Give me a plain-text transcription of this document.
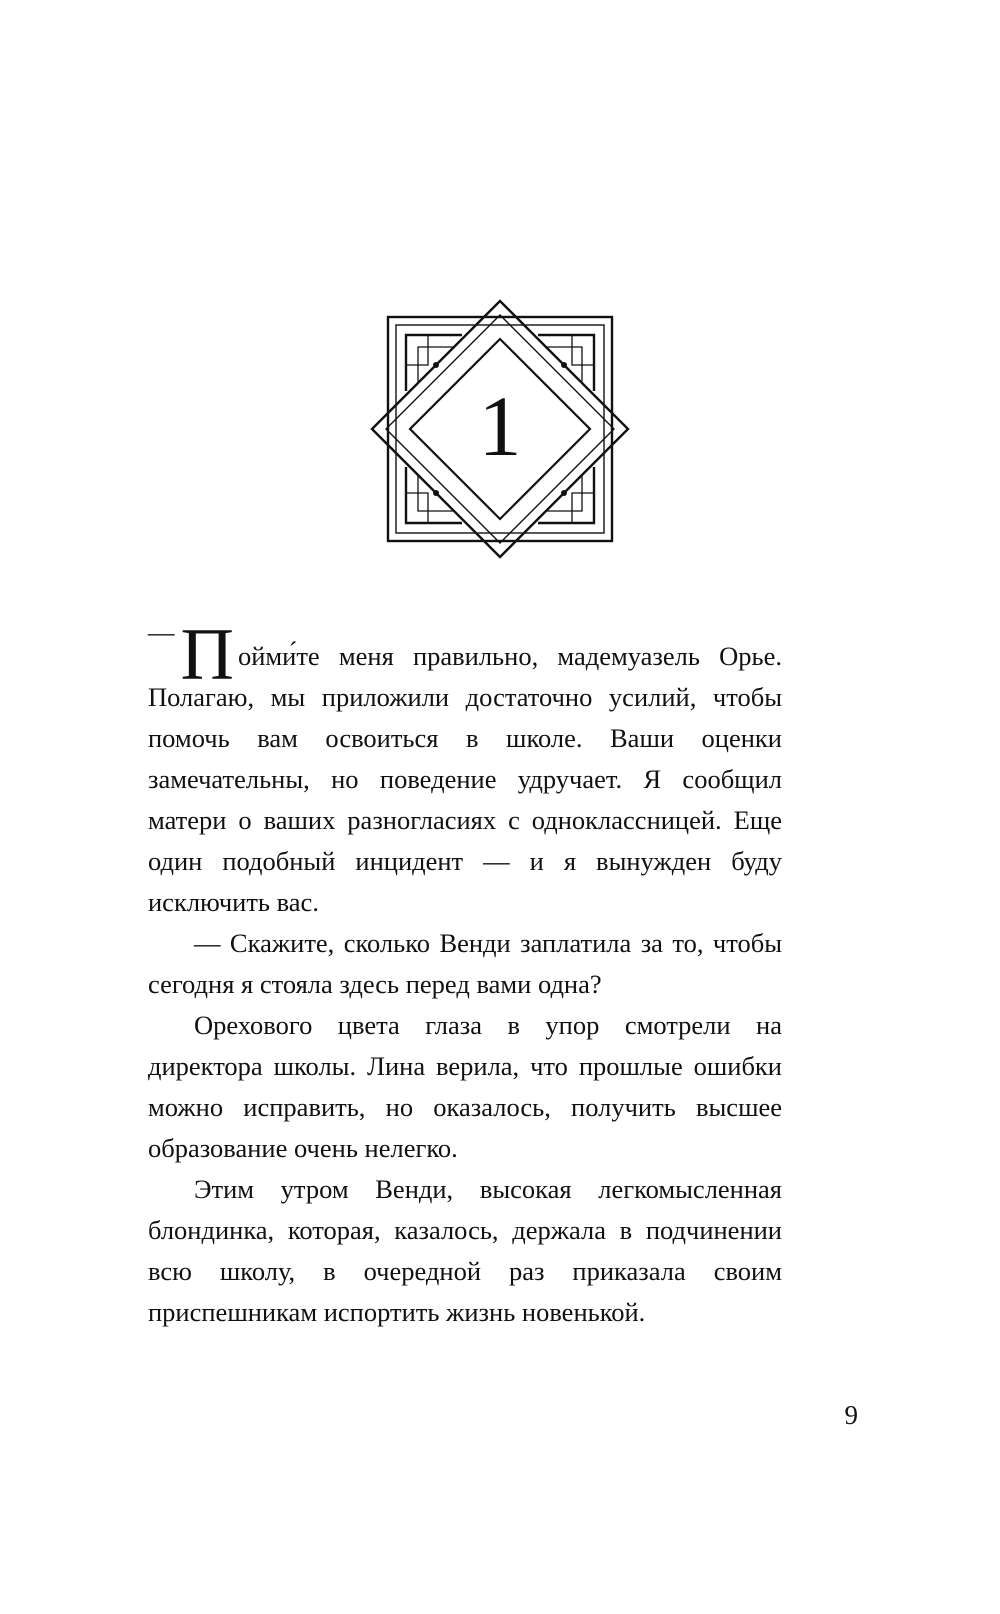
1

—П ойми́те меня правильно, мадемуазель Орье. Полагаю, мы приложили достаточно усилий, чтобы помочь вам освоиться в школе. Ваши оценки замечательны, но поведение удручает. Я сообщил матери о ваших разногласиях с одноклассницей. Еще один подобный инцидент — и я вынужден буду исключить вас.

— Скажите, сколько Венди заплатила за то, чтобы сегодня я стояла здесь перед вами одна?

Орехового цвета глаза в упор смотрели на директора школы. Лина верила, что прошлые ошибки можно исправить, но оказалось, получить высшее образование очень нелегко.

Этим утром Венди, высокая легкомысленная блондинка, которая, казалось, держала в подчинении всю школу, в очередной раз приказала своим приспешникам испортить жизнь новенькой.

9
